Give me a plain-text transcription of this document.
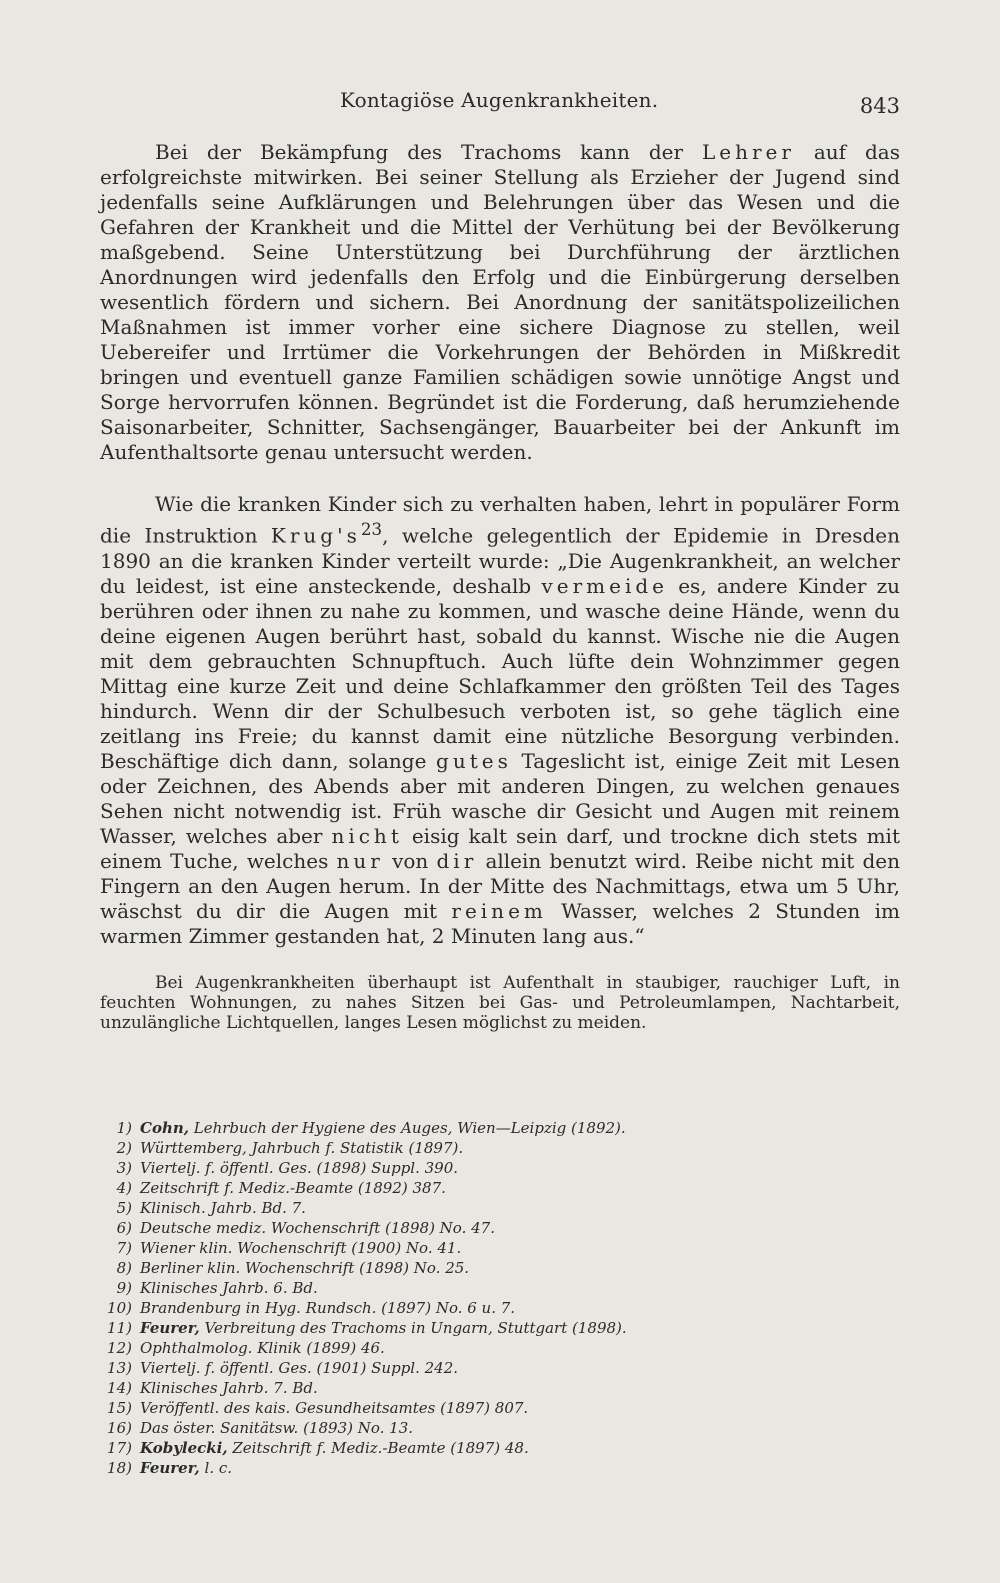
Kontagiöse Augenkrankheiten.	843

Bei der Bekämpfung des Trachoms kann der Lehrer auf das erfolgreichste mitwirken. Bei seiner Stellung als Erzieher der Jugend sind jedenfalls seine Aufklärungen und Belehrungen über das Wesen und die Gefahren der Krankheit und die Mittel der Verhütung bei der Bevölkerung maßgebend. Seine Unterstützung bei Durchführung der ärztlichen Anordnungen wird jedenfalls den Erfolg und die Einbürgerung derselben wesentlich fördern und sichern. Bei Anordnung der sanitätspolizeilichen Maßnahmen ist immer vorher eine sichere Diagnose zu stellen, weil Uebereifer und Irrtümer die Vorkehrungen der Behörden in Mißkredit bringen und eventuell ganze Familien schädigen sowie unnötige Angst und Sorge hervorrufen können. Begründet ist die Forderung, daß herumziehende Saisonarbeiter, Schnitter, Sachsengänger, Bauarbeiter bei der Ankunft im Aufenthaltsorte genau untersucht werden.

Wie die kranken Kinder sich zu verhalten haben, lehrt in populärer Form die Instruktion $Krug's^{23}$, welche gelegentlich der Epidemie in Dresden 1890 an die kranken Kinder verteilt wurde: „Die Augenkrankheit, an welcher du leidest, ist eine ansteckende, deshalb vermeide es, andere Kinder zu berühren oder ihnen zu nahe zu kommen, und wasche deine Hände, wenn du deine eigenen Augen berührt hast, sobald du kannst. Wische nie die Augen mit dem gebrauchten Schnupftuch. Auch lüfte dein Wohnzimmer gegen Mittag eine kurze Zeit und deine Schlafkammer den größten Teil des Tages hindurch. Wenn dir der Schulbesuch verboten ist, so gehe täglich eine zeitlang ins Freie; du kannst damit eine nützliche Besorgung verbinden. Beschäftige dich dann, solange gutes Tageslicht ist, einige Zeit mit Lesen oder Zeichnen, des Abends aber mit anderen Dingen, zu welchen genaues Sehen nicht notwendig ist. Früh wasche dir Gesicht und Augen mit reinem Wasser, welches aber nicht eisig kalt sein darf, und trockne dich stets mit einem Tuche, welches nur von dir allein benutzt wird. Reibe nicht mit den Fingern an den Augen herum. In der Mitte des Nachmittags, etwa um 5 Uhr, wäschst du dir die Augen mit reinem Wasser, welches 2 Stunden im warmen Zimmer gestanden hat, 2 Minuten lang aus.“

Bei Augenkrankheiten überhaupt ist Aufenthalt in staubiger, rauchiger Luft, in feuchten Wohnungen, zu nahes Sitzen bei Gas- und Petroleumlampen, Nachtarbeit, unzulängliche Lichtquellen, langes Lesen möglichst zu meiden.

1) Cohn, Lehrbuch der Hygiene des Auges, Wien—Leipzig (1892).
2) Württemberg, Jahrbuch f. Statistik (1897).
3) Viertelj. f. öffentl. Ges. (1898) Suppl. 390.
4) Zeitschrift f. Mediz.-Beamte (1892) 387.
5) Klinisch. Jahrb. Bd. 7.
6) Deutsche mediz. Wochenschrift (1898) No. 47.
7) Wiener klin. Wochenschrift (1900) No. 41.
8) Berliner klin. Wochenschrift (1898) No. 25.
9) Klinisches Jahrb. 6. Bd.
10) Brandenburg in Hyg. Rundsch. (1897) No. 6 u. 7.
11) Feurer, Verbreitung des Trachoms in Ungarn, Stuttgart (1898).
12) Ophthalmolog. Klinik (1899) 46.
13) Viertelj. f. öffentl. Ges. (1901) Suppl. 242.
14) Klinisches Jahrb. 7. Bd.
15) Veröffentl. des kais. Gesundheitsamtes (1897) 807.
16) Das öster. Sanitätsw. (1893) No. 13.
17) Kobylecki, Zeitschrift f. Mediz.-Beamte (1897) 48.
18) Feurer, l. c.
